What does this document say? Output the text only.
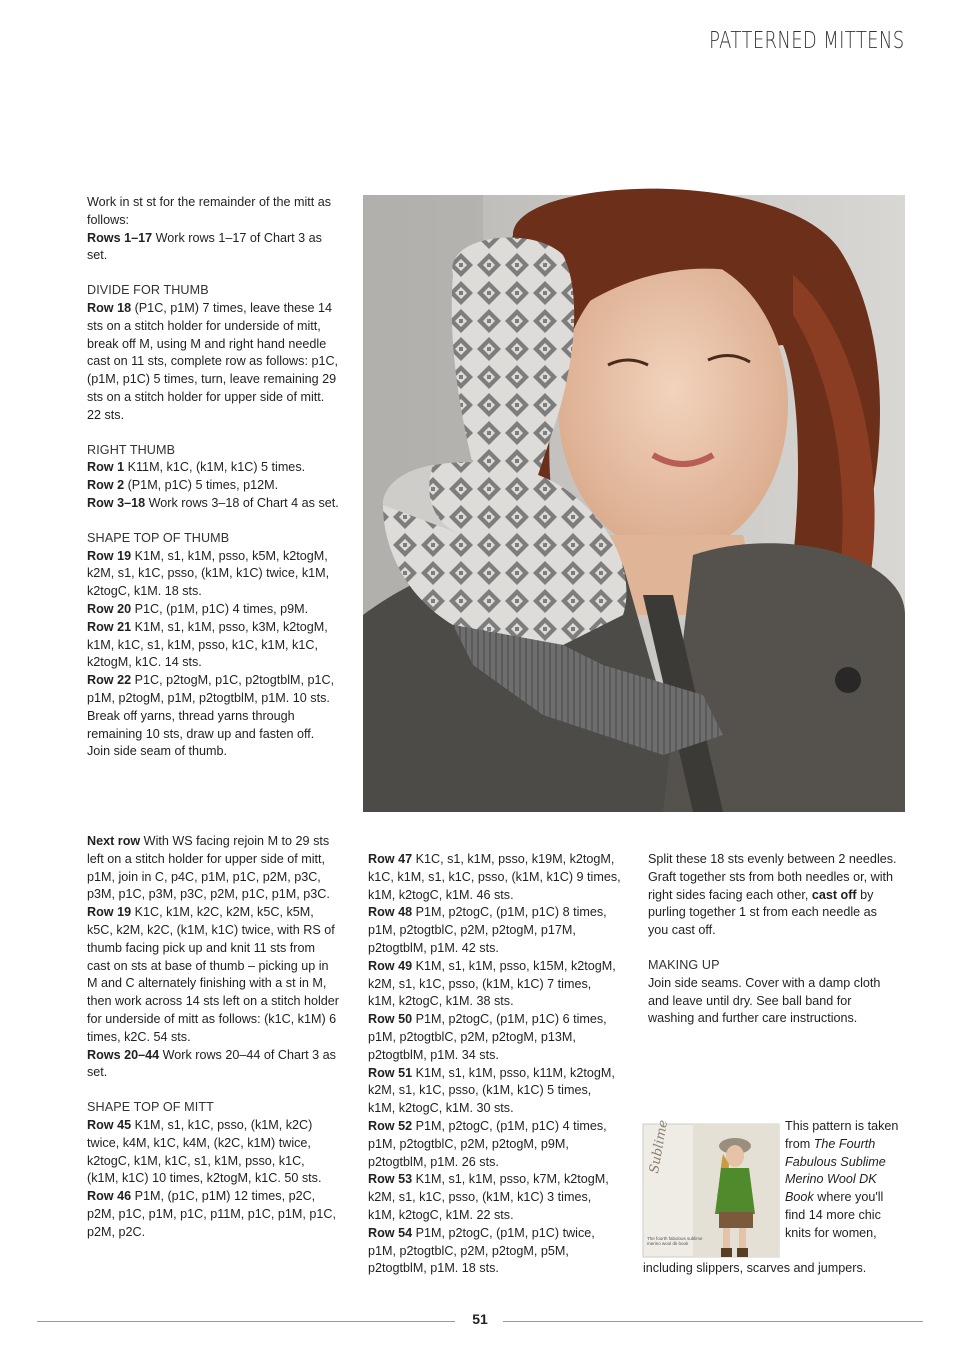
PATTERNED MITTENS

Work in st st for the remainder of the mitt as follows:

Rows 1–17 Work rows 1–17 of Chart 3 as set.

DIVIDE FOR THUMB

Row 18 (P1C, p1M) 7 times, leave these 14 sts on a stitch holder for underside of mitt, break off M, using M and right hand needle cast on 11 sts, complete row as follows: p1C, (p1M, p1C) 5 times, turn, leave remaining 29 sts on a stitch holder for upper side of mitt. 22 sts.

RIGHT THUMB

Row 1 K11M, k1C, (k1M, k1C) 5 times.

Row 2 (P1M, p1C) 5 times, p12M.

Row 3–18 Work rows 3–18 of Chart 4 as set.

SHAPE TOP OF THUMB

Row 19 K1M, s1, k1M, psso, k5M, k2togM, k2M, s1, k1C, psso, (k1M, k1C) twice, k1M, k2togC, k1M. 18 sts.

Row 20 P1C, (p1M, p1C) 4 times, p9M.

Row 21 K1M, s1, k1M, psso, k3M, k2togM, k1M, k1C, s1, k1M, psso, k1C, k1M, k1C, k2togM, k1C. 14 sts.

Row 22 P1C, p2togM, p1C, p2togtblM, p1C, p1M, p2togM, p1M, p2togtblM, p1M. 10 sts.

Break off yarns, thread yarns through remaining 10 sts, draw up and fasten off.

Join side seam of thumb.

Next row With WS facing rejoin M to 29 sts left on a stitch holder for upper side of mitt, p1M, join in C, p4C, p1M, p1C, p2M, p3C, p3M, p1C, p3M, p3C, p2M, p1C, p1M, p3C.

Row 19 K1C, k1M, k2C, k2M, k5C, k5M, k5C, k2M, k2C, (k1M, k1C) twice, with RS of thumb facing pick up and knit 11 sts from cast on sts at base of thumb – picking up in M and C alternately finishing with a st in M, then work across 14 sts left on a stitch holder for underside of mitt as follows: (k1C, k1M) 6 times, k2C. 54 sts.

Rows 20–44 Work rows 20–44 of Chart 3 as set.

SHAPE TOP OF MITT

Row 45 K1M, s1, k1C, psso, (k1M, k2C) twice, k4M, k1C, k4M, (k2C, k1M) twice, k2togC, k1M, k1C, s1, k1M, psso, k1C, (k1M, k1C) 10 times, k2togM, k1C. 50 sts.

Row 46 P1M, (p1C, p1M) 12 times, p2C, p2M, p1C, p1M, p1C, p11M, p1C, p1M, p1C, p2M, p2C.

Row 47 K1C, s1, k1M, psso, k19M, k2togM, k1C, k1M, s1, k1C, psso, (k1M, k1C) 9 times, k1M, k2togC, k1M. 46 sts.

Row 48 P1M, p2togC, (p1M, p1C) 8 times, p1M, p2togtblC, p2M, p2togM, p17M, p2togtblM, p1M. 42 sts.

Row 49 K1M, s1, k1M, psso, k15M, k2togM, k2M, s1, k1C, psso, (k1M, k1C) 7 times, k1M, k2togC, k1M. 38 sts.

Row 50 P1M, p2togC, (p1M, p1C) 6 times, p1M, p2togtblC, p2M, p2togM, p13M, p2togtblM, p1M. 34 sts.

Row 51 K1M, s1, k1M, psso, k11M, k2togM, k2M, s1, k1C, psso, (k1M, k1C) 5 times, k1M, k2togC, k1M. 30 sts.

Row 52 P1M, p2togC, (p1M, p1C) 4 times, p1M, p2togtblC, p2M, p2togM, p9M, p2togtblM, p1M. 26 sts.

Row 53 K1M, s1, k1M, psso, k7M, k2togM, k2M, s1, k1C, psso, (k1M, k1C) 3 times, k1M, k2togC, k1M. 22 sts.

Row 54 P1M, p2togC, (p1M, p1C) twice, p1M, p2togtblC, p2M, p2togM, p5M, p2togtblM, p1M. 18 sts.

Split these 18 sts evenly between 2 needles.

Graft together sts from both needles or, with right sides facing each other, cast off by purling together 1 st from each needle as you cast off.

MAKING UP

Join side seams. Cover with a damp cloth and leave until dry. See ball band for washing and further care instructions.

Sublime
The fourth fabulous sublime merino wool dk book
This pattern is taken from The Fourth Fabulous Sublime Merino Wool DK Book where you'll find 14 more chic knits for women,
including slippers, scarves and jumpers.
51
